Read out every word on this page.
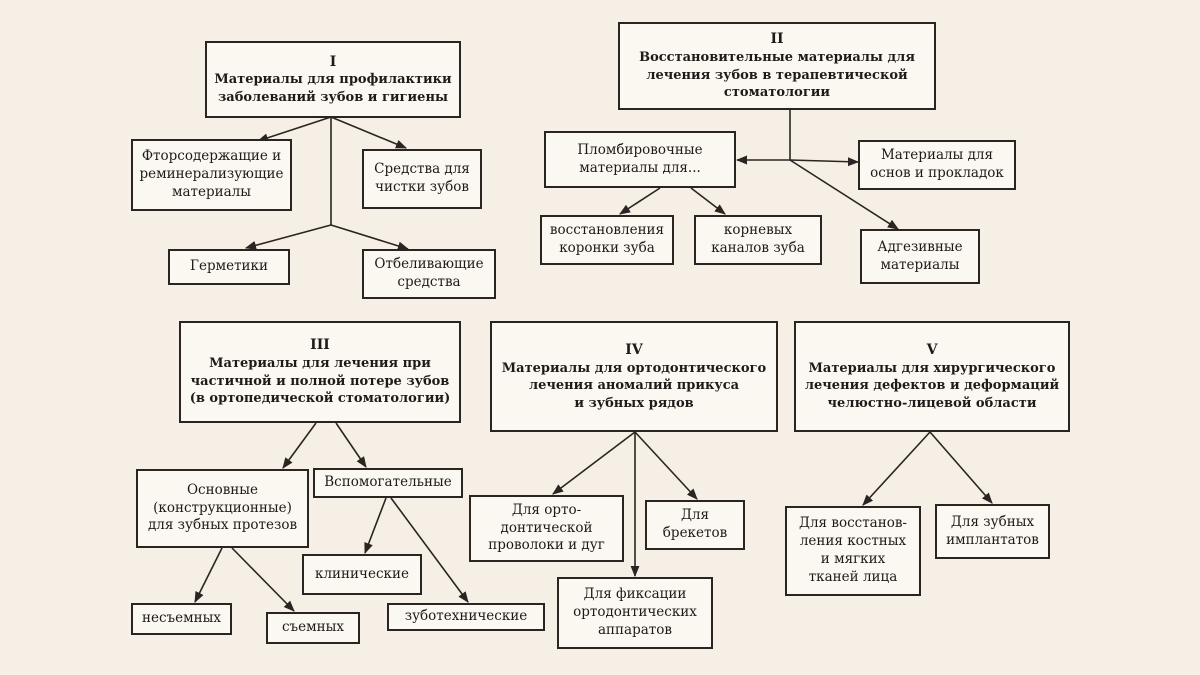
I
Материалы для профилактики
заболеваний зубов и гигиены
Фторсодержащие и
реминерализующие
материалы
Средства для
чистки зубов
Герметики	Отбеливающие
средства
II
Восстановительные материалы для
лечения зубов в терапевтической
стоматологии
Пломбировочные
материалы для...
Материалы для
основ и прокладок
восстановления
коронки зуба
корневых
каналов зуба	Адгезивные
материалы
III
Материалы для лечения при
частичной и полной потере зубов
(в ортопедической стоматологии)
Основные
(конструкционные)
для зубных протезов
Вспомогательные
несъемных
съемных
клинические
зуботехнические
IV
Материалы для ортодонтического
лечения аномалий прикуса
и зубных рядов
Для орто-
донтической
проволоки и дуг
Для
брекетов
Для фиксации
ортодонтических
аппаратов
V
Материалы для хирургического
лечения дефектов и деформаций
челюстно-лицевой области
Для восстанов-
ления костных
и мягких
тканей лица
Для зубных
имплантатов
